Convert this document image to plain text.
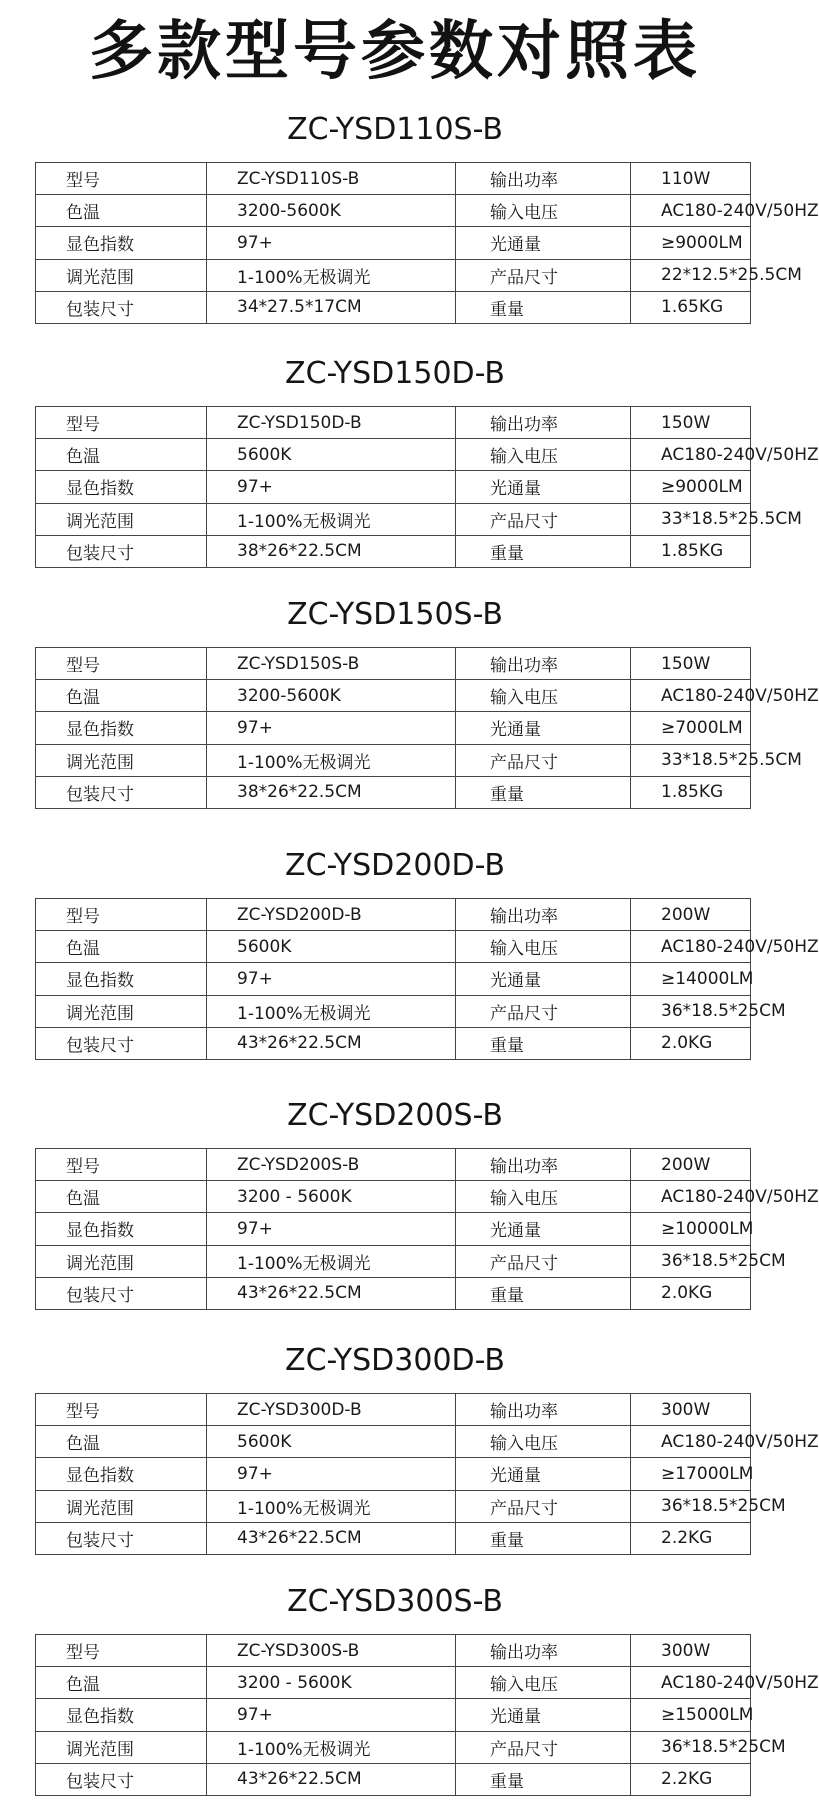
多款型号参数对照表
ZC-YSD110S-B
型号	ZC-YSD110S-B	输出功率	110W
色温	3200-5600K	输入电压	AC180-240V/50HZ
显色指数	97+	光通量	≥9000LM
调光范围	1-100%无极调光	产品尺寸	22*12.5*25.5CM
包装尺寸	34*27.5*17CM	重量	1.65KG
ZC-YSD150D-B
型号	ZC-YSD150D-B	输出功率	150W
色温	5600K	输入电压	AC180-240V/50HZ
显色指数	97+	光通量	≥9000LM
调光范围	1-100%无极调光	产品尺寸	33*18.5*25.5CM
包装尺寸	38*26*22.5CM	重量	1.85KG
ZC-YSD150S-B
型号	ZC-YSD150S-B	输出功率	150W
色温	3200-5600K	输入电压	AC180-240V/50HZ
显色指数	97+	光通量	≥7000LM
调光范围	1-100%无极调光	产品尺寸	33*18.5*25.5CM
包装尺寸	38*26*22.5CM	重量	1.85KG
ZC-YSD200D-B
型号	ZC-YSD200D-B	输出功率	200W
色温	5600K	输入电压	AC180-240V/50HZ
显色指数	97+	光通量	≥14000LM
调光范围	1-100%无极调光	产品尺寸	36*18.5*25CM
包装尺寸	43*26*22.5CM	重量	2.0KG
ZC-YSD200S-B
型号	ZC-YSD200S-B	输出功率	200W
色温	3200 - 5600K	输入电压	AC180-240V/50HZ
显色指数	97+	光通量	≥10000LM
调光范围	1-100%无极调光	产品尺寸	36*18.5*25CM
包装尺寸	43*26*22.5CM	重量	2.0KG
ZC-YSD300D-B
型号	ZC-YSD300D-B	输出功率	300W
色温	5600K	输入电压	AC180-240V/50HZ
显色指数	97+	光通量	≥17000LM
调光范围	1-100%无极调光	产品尺寸	36*18.5*25CM
包装尺寸	43*26*22.5CM	重量	2.2KG
ZC-YSD300S-B
型号	ZC-YSD300S-B	输出功率	300W
色温	3200 - 5600K	输入电压	AC180-240V/50HZ
显色指数	97+	光通量	≥15000LM
调光范围	1-100%无极调光	产品尺寸	36*18.5*25CM
包装尺寸	43*26*22.5CM	重量	2.2KG
